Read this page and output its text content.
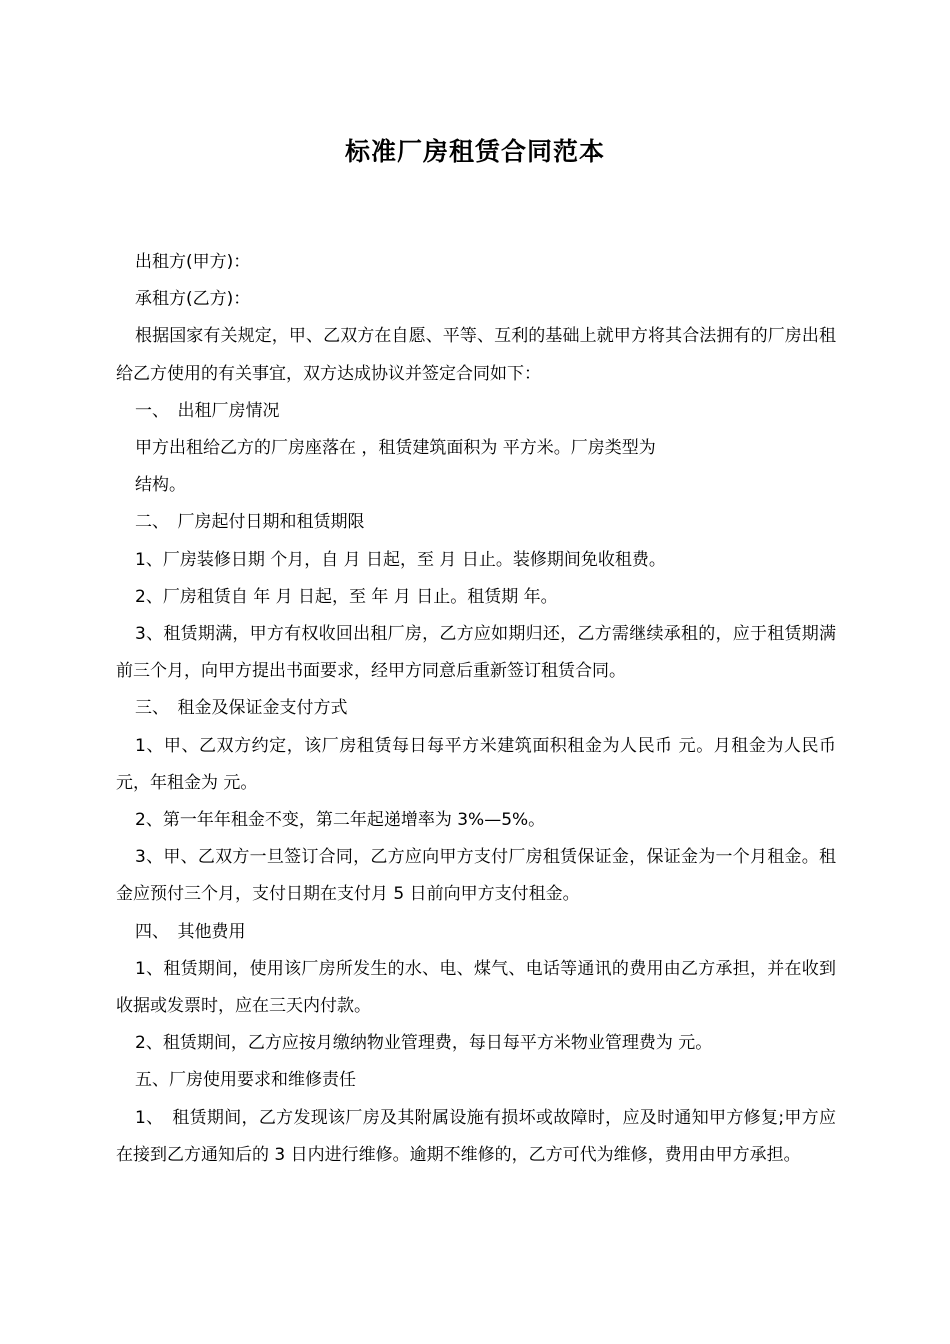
标准厂房租赁合同范本

出租方(甲方)：

承租方(乙方)：

根据国家有关规定，甲、乙双方在自愿、平等、互利的基础上就甲方将其合法拥有的厂房出租给乙方使用的有关事宜，双方达成协议并签定合同如下：

一、　出租厂房情况

甲方出租给乙方的厂房座落在 ，租赁建筑面积为 平方米。厂房类型为

结构。

二、　厂房起付日期和租赁期限

1、厂房装修日期 个月，自 月 日起，至 月 日止。装修期间免收租费。

2、厂房租赁自 年 月 日起，至 年 月 日止。租赁期 年。

3、租赁期满，甲方有权收回出租厂房，乙方应如期归还，乙方需继续承租的，应于租赁期满前三个月，向甲方提出书面要求，经甲方同意后重新签订租赁合同。

三、　租金及保证金支付方式

1、甲、乙双方约定，该厂房租赁每日每平方米建筑面积租金为人民币 元。月租金为人民币 元，年租金为 元。

2、第一年年租金不变，第二年起递增率为 3%—5%。

3、甲、乙双方一旦签订合同，乙方应向甲方支付厂房租赁保证金，保证金为一个月租金。租金应预付三个月，支付日期在支付月 5 日前向甲方支付租金。

四、　其他费用

1、租赁期间，使用该厂房所发生的水、电、煤气、电话等通讯的费用由乙方承担，并在收到收据或发票时，应在三天内付款。

2、租赁期间，乙方应按月缴纳物业管理费，每日每平方米物业管理费为 元。

五、厂房使用要求和维修责任

1、　租赁期间，乙方发现该厂房及其附属设施有损坏或故障时，应及时通知甲方修复;甲方应在接到乙方通知后的 3 日内进行维修。逾期不维修的，乙方可代为维修，费用由甲方承担。
